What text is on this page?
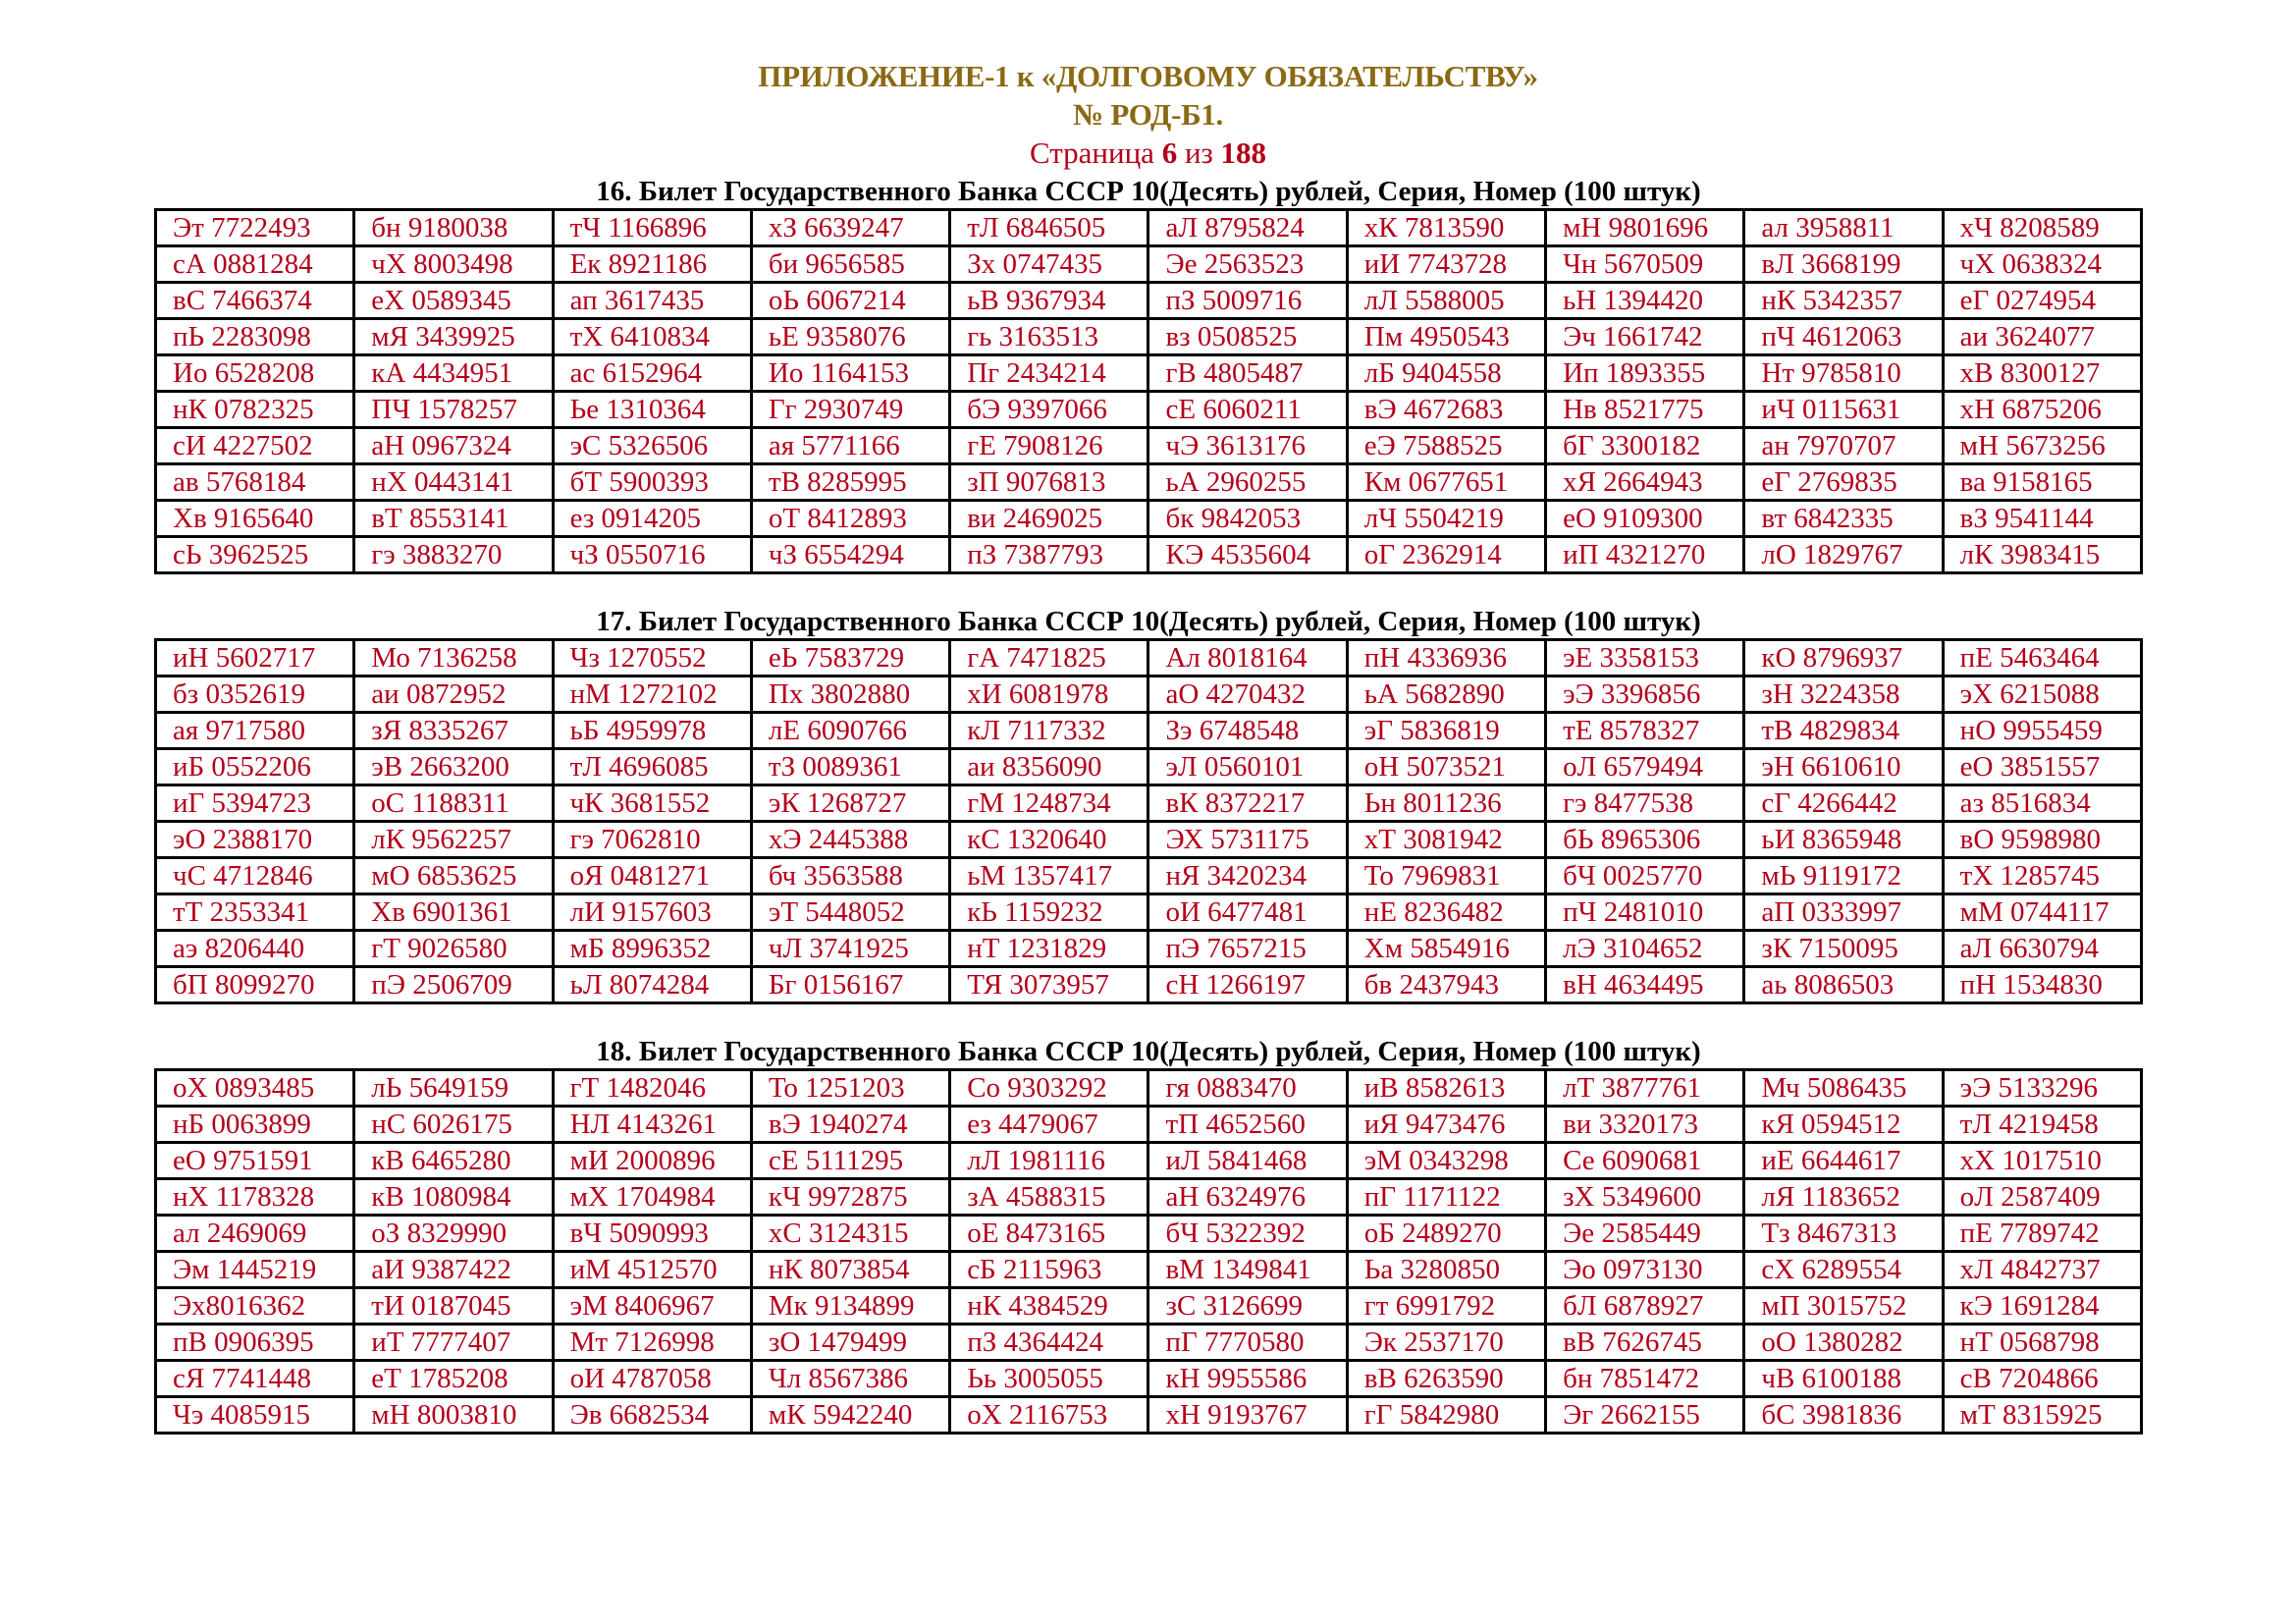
ПРИЛОЖЕНИЕ-1 к «ДОЛГОВОМУ ОБЯЗАТЕЛЬСТВУ»
№ РОД-Б1.
Страница 6 из 188
16. Билет Государственного Банка СССР 10(Десять) рублей, Серия, Номер (100 штук)
Эт 7722493	бн 9180038	тЧ 1166896	хЗ 6639247	тЛ 6846505	аЛ 8795824	хК 7813590	мН 9801696	ал 3958811	хЧ 8208589
сА 0881284	чХ 8003498	Ек 8921186	би 9656585	Зх 0747435	Эе 2563523	иИ 7743728	Чн 5670509	вЛ 3668199	чХ 0638324
вС 7466374	еХ 0589345	ап 3617435	оЬ 6067214	ьВ 9367934	пЗ 5009716	лЛ 5588005	ьН 1394420	нК 5342357	еГ 0274954
пЬ 2283098	мЯ 3439925	тХ 6410834	ьЕ 9358076	гь 3163513	вз 0508525	Пм 4950543	Эч 1661742	пЧ 4612063	аи 3624077
Ио 6528208	кА 4434951	ас 6152964	Ио 1164153	Пг 2434214	гВ 4805487	лБ 9404558	Ип 1893355	Нт 9785810	хВ 8300127
нК 0782325	ПЧ 1578257	Ье 1310364	Гг 2930749	бЭ 9397066	сЕ 6060211	вЭ 4672683	Нв 8521775	иЧ 0115631	хН 6875206
сИ 4227502	аН 0967324	эС 5326506	ая 5771166	гЕ 7908126	чЭ 3613176	еЭ 7588525	бГ 3300182	ан 7970707	мН 5673256
ав 5768184	нХ 0443141	бТ 5900393	тВ 8285995	зП 9076813	ьА 2960255	Км 0677651	хЯ 2664943	еГ 2769835	ва 9158165
Хв 9165640	вТ 8553141	ез 0914205	оТ 8412893	ви 2469025	бк 9842053	лЧ 5504219	еО 9109300	вт 6842335	вЗ 9541144
сЬ 3962525	гэ 3883270	чЗ 0550716	чЗ 6554294	пЗ 7387793	КЭ 4535604	оГ 2362914	иП 4321270	лО 1829767	лК 3983415
17. Билет Государственного Банка СССР 10(Десять) рублей, Серия, Номер (100 штук)
иН 5602717	Мо 7136258	Чз 1270552	еЬ 7583729	гА 7471825	Ал 8018164	пН 4336936	эЕ 3358153	кО 8796937	пЕ 5463464
бз 0352619	аи 0872952	нМ 1272102	Пх 3802880	хИ 6081978	аО 4270432	ьА 5682890	эЭ 3396856	зН 3224358	эХ 6215088
ая 9717580	зЯ 8335267	ьБ 4959978	лЕ 6090766	кЛ 7117332	Зэ 6748548	эГ 5836819	тЕ 8578327	тВ 4829834	нО 9955459
иБ 0552206	эВ 2663200	тЛ 4696085	тЗ 0089361	аи 8356090	эЛ 0560101	оН 5073521	оЛ 6579494	эН 6610610	еО 3851557
иГ 5394723	оС 1188311	чК 3681552	эК 1268727	гМ 1248734	вК 8372217	Ьн 8011236	гэ 8477538	сГ 4266442	аз 8516834
эО 2388170	лК 9562257	гэ 7062810	хЭ 2445388	кС 1320640	ЭХ 5731175	хТ 3081942	бЬ 8965306	ьИ 8365948	вО 9598980
чС 4712846	мО 6853625	оЯ 0481271	бч 3563588	ьМ 1357417	нЯ 3420234	То 7969831	бЧ 0025770	мЬ 9119172	тХ 1285745
тТ 2353341	Хв 6901361	лИ 9157603	эТ 5448052	кЬ 1159232	оИ 6477481	нЕ 8236482	пЧ 2481010	аП 0333997	мМ 0744117
аэ 8206440	гТ 9026580	мБ 8996352	чЛ 3741925	нТ 1231829	пЭ 7657215	Хм 5854916	лЭ 3104652	зК 7150095	аЛ 6630794
бП 8099270	пЭ 2506709	ьЛ 8074284	Бг 0156167	ТЯ 3073957	сН 1266197	бв 2437943	вН 4634495	аь 8086503	пН 1534830
18. Билет Государственного Банка СССР 10(Десять) рублей, Серия, Номер (100 штук)
оХ 0893485	лЬ 5649159	гТ 1482046	То 1251203	Со 9303292	гя 0883470	иВ 8582613	лТ 3877761	Мч 5086435	эЭ 5133296
нБ 0063899	нС 6026175	НЛ 4143261	вЭ 1940274	ез 4479067	тП 4652560	иЯ 9473476	ви 3320173	кЯ 0594512	тЛ 4219458
еО 9751591	кВ 6465280	мИ 2000896	сЕ 5111295	лЛ 1981116	иЛ 5841468	эМ 0343298	Се 6090681	иЕ 6644617	хХ 1017510
нХ 1178328	кВ 1080984	мХ 1704984	кЧ 9972875	зА 4588315	аН 6324976	пГ 1171122	зХ 5349600	лЯ 1183652	оЛ 2587409
ал 2469069	оЗ 8329990	вЧ 5090993	хС 3124315	оЕ 8473165	бЧ 5322392	оБ 2489270	Эе 2585449	Тз 8467313	пЕ 7789742
Эм 1445219	аИ 9387422	иМ 4512570	нК 8073854	сБ 2115963	вМ 1349841	Ьа 3280850	Эо 0973130	сХ 6289554	хЛ 4842737
Эх8016362	тИ 0187045	эМ 8406967	Мк 9134899	нК 4384529	зС 3126699	гт 6991792	бЛ 6878927	мП 3015752	кЭ 1691284
пВ 0906395	иТ 7777407	Мт 7126998	зО 1479499	пЗ 4364424	пГ 7770580	Эк 2537170	вВ 7626745	оО 1380282	нТ 0568798
сЯ 7741448	еТ 1785208	оИ 4787058	Чл 8567386	Ьь 3005055	кН 9955586	вВ 6263590	бн 7851472	чВ 6100188	сВ 7204866
Чэ 4085915	мН 8003810	Эв 6682534	мК 5942240	оХ 2116753	хН 9193767	гГ 5842980	Эг 2662155	бС 3981836	мТ 8315925
